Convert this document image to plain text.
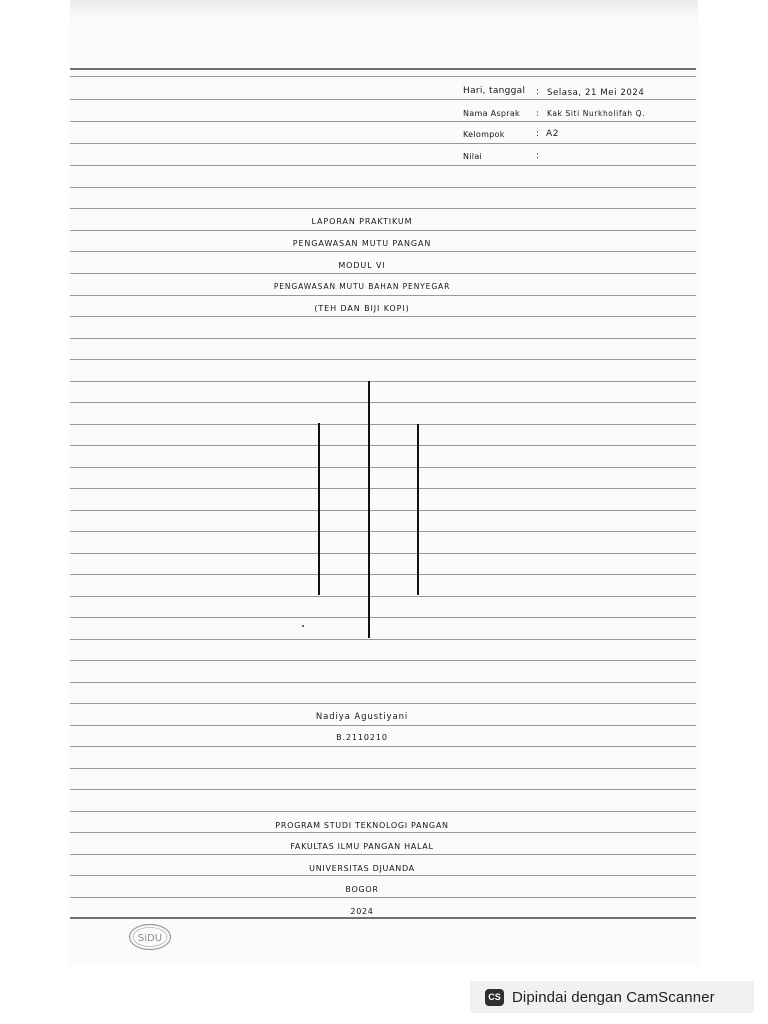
Hari, tanggal : Selasa, 21 Mei 2024
Nama Asprak : Kak Siti Nurkholifah Q.
Kelompok	: A2
Nilai	:
LAPORAN PRAKTIKUM
PENGAWASAN MUTU PANGAN
MODUL VI
PENGAWASAN MUTU BAHAN PENYEGAR
(TEH DAN BIJI KOPI)
Nadiya Agustiyani
B.2110210
PROGRAM STUDI TEKNOLOGI PANGAN
FAKULTAS ILMU PANGAN HALAL
UNIVERSITAS DJUANDA
BOGOR
2024
SiDU
CS Dipindai dengan CamScanner
